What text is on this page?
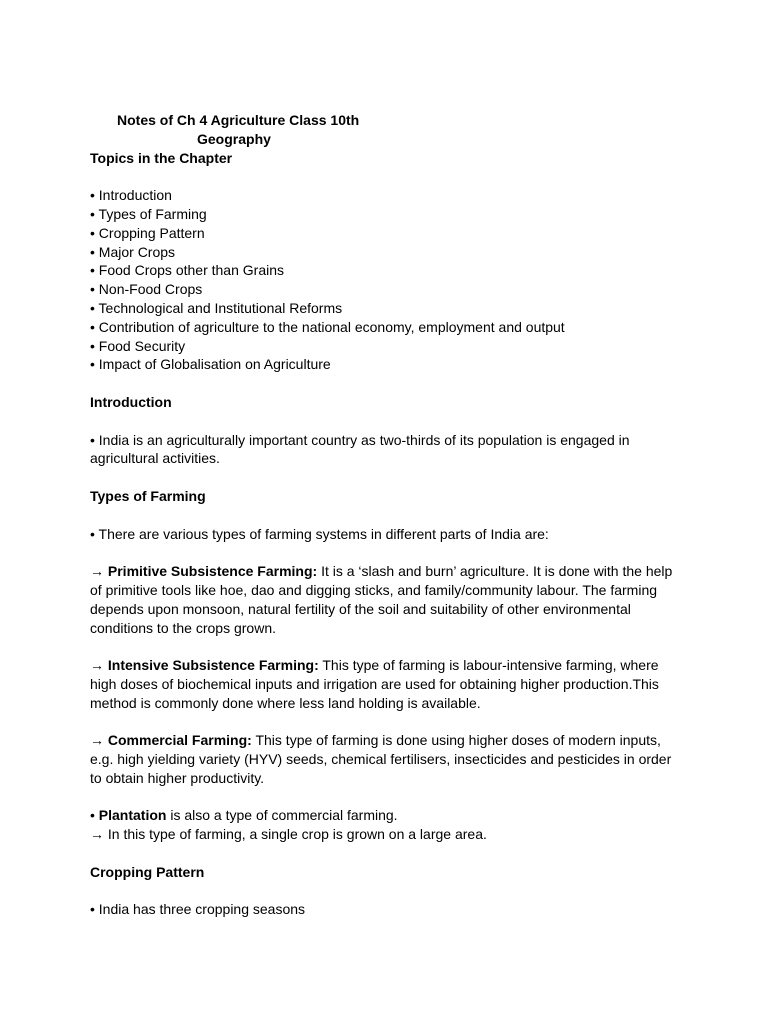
Notes of Ch 4 Agriculture Class 10th
Geography
Topics in the Chapter
• Introduction
• Types of Farming
• Cropping Pattern
• Major Crops
• Food Crops other than Grains
• Non-Food Crops
• Technological and Institutional Reforms
• Contribution of agriculture to the national economy, employment and output
• Food Security
• Impact of Globalisation on Agriculture
Introduction
• India is an agriculturally important country as two-thirds of its population is engaged in agricultural activities.
Types of Farming
• There are various types of farming systems in different parts of India are:
→ Primitive Subsistence Farming: It is a ‘slash and burn’ agriculture. It is done with the help of primitive tools like hoe, dao and digging sticks, and family/community labour. The farming depends upon monsoon, natural fertility of the soil and suitability of other environmental conditions to the crops grown.
→ Intensive Subsistence Farming: This type of farming is labour-intensive farming, where high doses of biochemical inputs and irrigation are used for obtaining higher production.This method is commonly done where less land holding is available.
→ Commercial Farming: This type of farming is done using higher doses of modern inputs, e.g. high yielding variety (HYV) seeds, chemical fertilisers, insecticides and pesticides in order to obtain higher productivity.
• Plantation is also a type of commercial farming.
→ In this type of farming, a single crop is grown on a large area.
Cropping Pattern
• India has three cropping seasons
